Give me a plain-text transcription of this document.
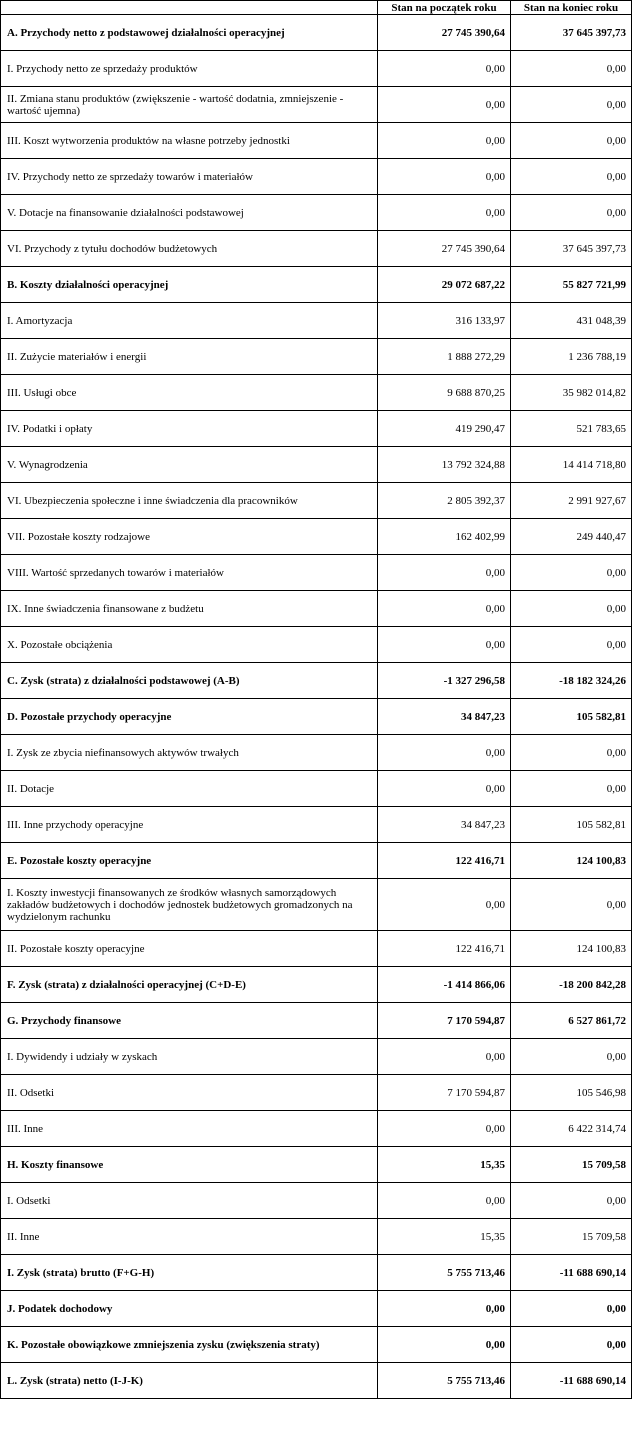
	Stan na początek roku	Stan na koniec roku
A. Przychody netto z podstawowej działalności operacyjnej	27 745 390,64	37 645 397,73
I. Przychody netto ze sprzedaży produktów	0,00	0,00
II. Zmiana stanu produktów (zwiększenie - wartość dodatnia, zmniejszenie - wartość ujemna)	0,00	0,00
III. Koszt wytworzenia produktów na własne potrzeby jednostki	0,00	0,00
IV. Przychody netto ze sprzedaży towarów i materiałów	0,00	0,00
V. Dotacje na finansowanie działalności podstawowej	0,00	0,00
VI. Przychody z tytułu dochodów budżetowych	27 745 390,64	37 645 397,73
B. Koszty działalności operacyjnej	29 072 687,22	55 827 721,99
I. Amortyzacja	316 133,97	431 048,39
II. Zużycie materiałów i energii	1 888 272,29	1 236 788,19
III. Usługi obce	9 688 870,25	35 982 014,82
IV. Podatki i opłaty	419 290,47	521 783,65
V. Wynagrodzenia	13 792 324,88	14 414 718,80
VI. Ubezpieczenia społeczne i inne świadczenia dla pracowników	2 805 392,37	2 991 927,67
VII. Pozostałe koszty rodzajowe	162 402,99	249 440,47
VIII. Wartość sprzedanych towarów i materiałów	0,00	0,00
IX. Inne świadczenia finansowane z budżetu	0,00	0,00
X. Pozostałe obciążenia	0,00	0,00
C. Zysk (strata) z działalności podstawowej (A-B)	-1 327 296,58	-18 182 324,26
D. Pozostałe przychody operacyjne	34 847,23	105 582,81
I. Zysk ze zbycia niefinansowych aktywów trwałych	0,00	0,00
II. Dotacje	0,00	0,00
III. Inne przychody operacyjne	34 847,23	105 582,81
E. Pozostałe koszty operacyjne	122 416,71	124 100,83
I. Koszty inwestycji finansowanych ze środków własnych samorządowych zakładów budżetowych i dochodów jednostek budżetowych gromadzonych na wydzielonym rachunku	0,00	0,00
II. Pozostałe koszty operacyjne	122 416,71	124 100,83
F. Zysk (strata) z działalności operacyjnej (C+D-E)	-1 414 866,06	-18 200 842,28
G. Przychody finansowe	7 170 594,87	6 527 861,72
I. Dywidendy i udziały w zyskach	0,00	0,00
II. Odsetki	7 170 594,87	105 546,98
III. Inne	0,00	6 422 314,74
H. Koszty finansowe	15,35	15 709,58
I. Odsetki	0,00	0,00
II. Inne	15,35	15 709,58
I. Zysk (strata) brutto (F+G-H)	5 755 713,46	-11 688 690,14
J. Podatek dochodowy	0,00	0,00
K. Pozostałe obowiązkowe zmniejszenia zysku (zwiększenia straty)	0,00	0,00
L. Zysk (strata) netto (I-J-K)	5 755 713,46	-11 688 690,14
